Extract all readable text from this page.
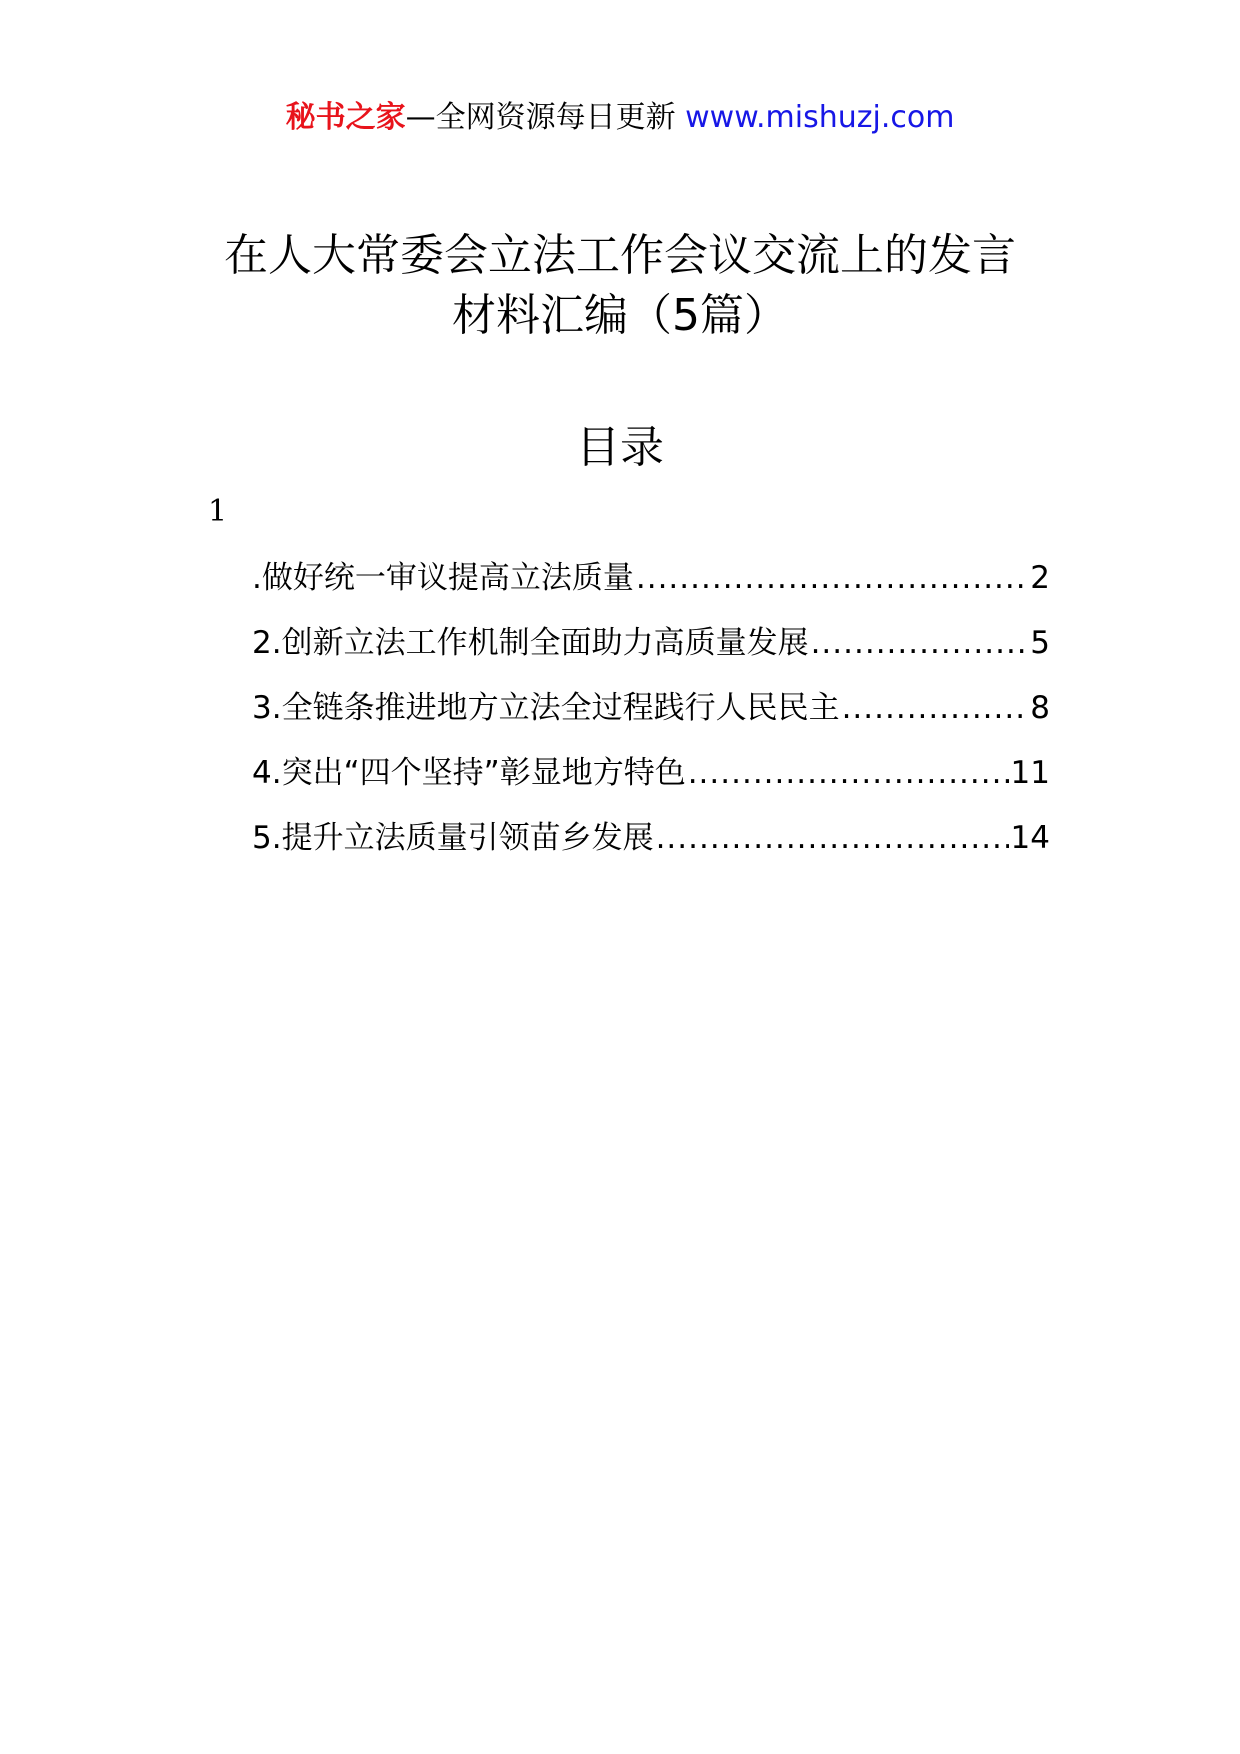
秘书之家—全网资源每日更新 www.mishuzj.com
在人大常委会立法工作会议交流上的发言
材料汇编（5篇）
目录
1
.做好统一审议提高立法质量 .....	2
2.创新立法工作机制全面助力高质量发展 .....	5
3.全链条推进地方立法全过程践行人民民主 .....	8
4.突出“四个坚持”彰显地方特色 .....	11
5.提升立法质量引领苗乡发展 .....	14
